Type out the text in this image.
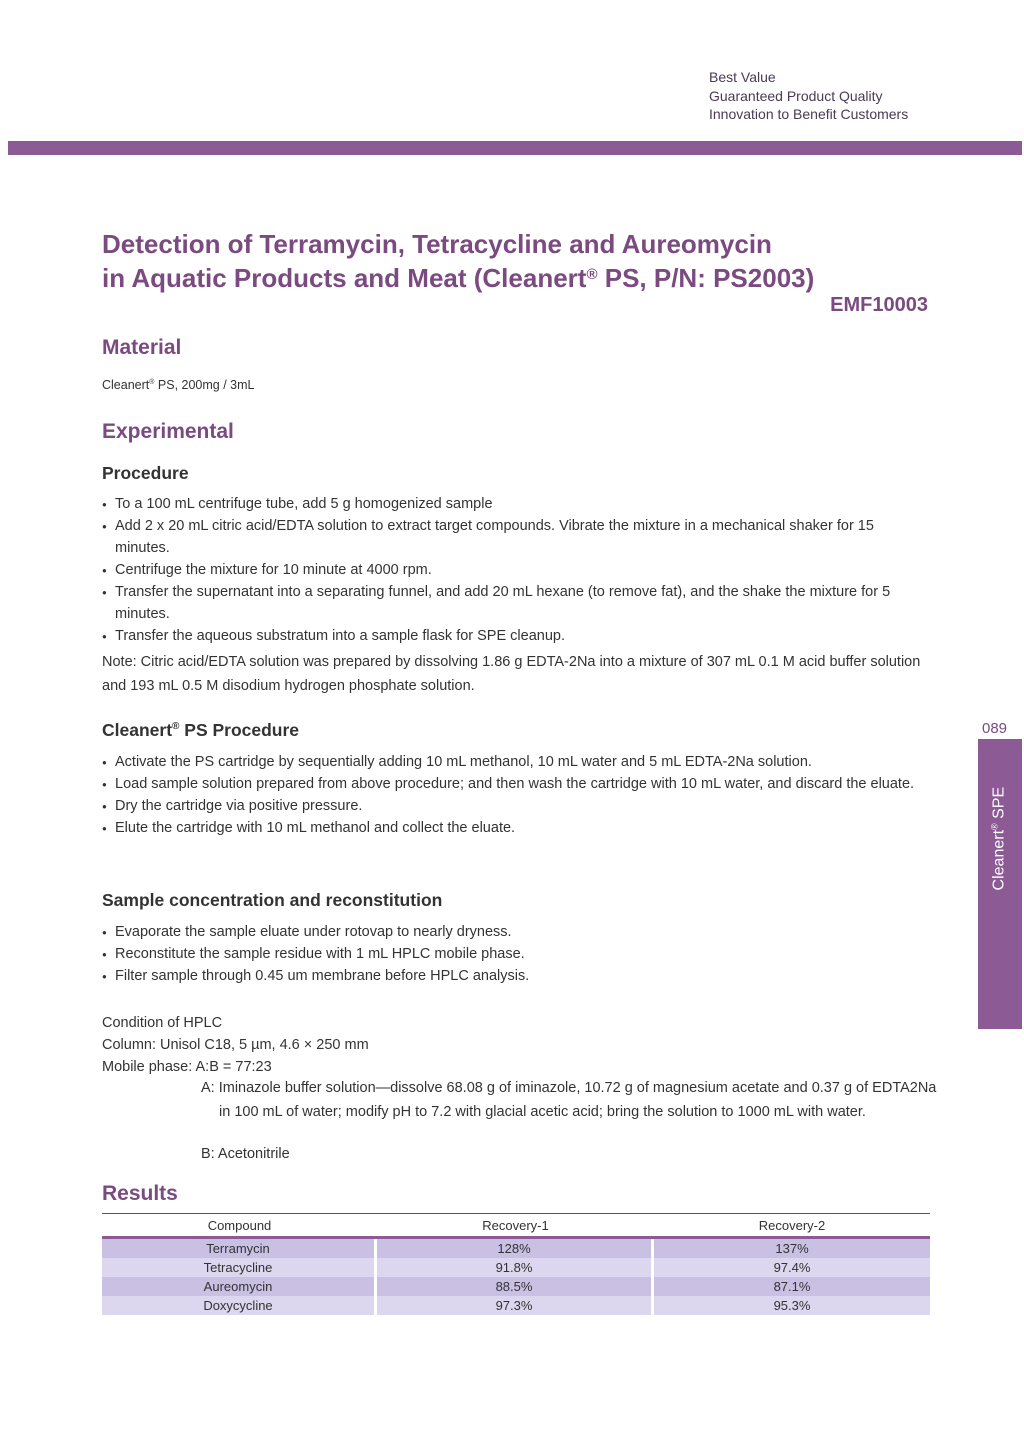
Best Value
Guaranteed Product Quality
Innovation to Benefit Customers
Detection of Terramycin, Tetracycline and Aureomycin
in Aquatic Products and Meat (Cleanert® PS, P/N: PS2003)
EMF10003
Material
Cleanert® PS, 200mg / 3mL
Experimental
Procedure
● To a 100 mL centrifuge tube, add 5 g homogenized sample
● Add 2 x 20 mL citric acid/EDTA solution to extract target compounds. Vibrate the mixture in a mechanical shaker for 15 minutes.
● Centrifuge the mixture for 10 minute at 4000 rpm.
● Transfer the supernatant into a separating funnel, and add 20 mL hexane (to remove fat), and the shake the mixture for 5 minutes.
● Transfer the aqueous substratum into a sample flask for SPE cleanup.
Note: Citric acid/EDTA solution was prepared by dissolving 1.86 g EDTA-2Na into a mixture of 307 mL 0.1 M acid buffer solution and 193 mL 0.5 M disodium hydrogen phosphate solution.
Cleanert® PS Procedure
● Activate the PS cartridge by sequentially adding 10 mL methanol, 10 mL water and 5 mL EDTA-2Na solution.
● Load sample solution prepared from above procedure; and then wash the cartridge with 10 mL water, and discard the eluate.
● Dry the cartridge via positive pressure.
● Elute the cartridge with 10 mL methanol and collect the eluate.
Sample concentration and reconstitution
● Evaporate the sample eluate under rotovap to nearly dryness.
● Reconstitute the sample residue with 1 mL HPLC mobile phase.
● Filter sample through 0.45 um membrane before HPLC analysis.
Condition of HPLC
Column: Unisol C18, 5 µm, 4.6 × 250 mm
Mobile phase: A:B = 77:23
A: Iminazole buffer solution—dissolve 68.08 g of iminazole, 10.72 g of magnesium acetate and 0.37 g of EDTA2Na in 100 mL of water; modify pH to 7.2 with glacial acetic acid; bring the solution to 1000 mL with water.
B: Acetonitrile
Results
Compound	Recovery-1	Recovery-2
Terramycin	128%	137%
Tetracycline	91.8%	97.4%
Aureomycin	88.5%	87.1%
Doxycycline	97.3%	95.3%
089
Cleanert® SPE
